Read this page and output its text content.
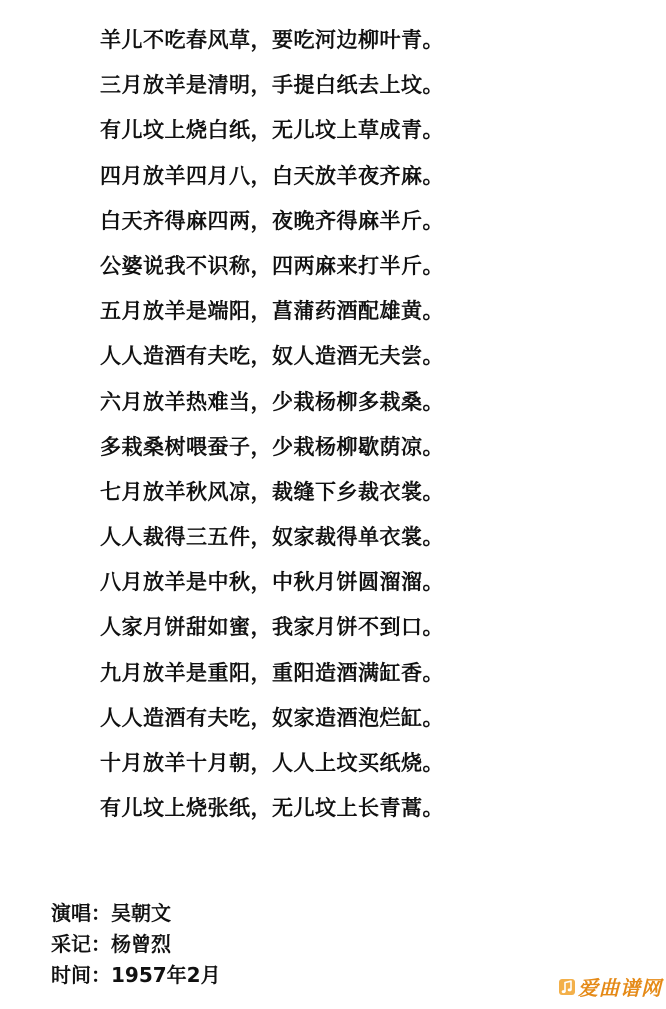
羊儿不吃春风草，要吃河边柳叶青。
三月放羊是清明，手提白纸去上坟。
有儿坟上烧白纸，无儿坟上草成青。
四月放羊四月八，白天放羊夜齐麻。
白天齐得麻四两，夜晚齐得麻半斤。
公婆说我不识称，四两麻来打半斤。
五月放羊是端阳，菖蒲药酒配雄黄。
人人造酒有夫吃，奴人造酒无夫尝。
六月放羊热难当，少栽杨柳多栽桑。
多栽桑树喂蚕子，少栽杨柳歇荫凉。
七月放羊秋风凉，裁缝下乡裁衣裳。
人人裁得三五件，奴家裁得单衣裳。
八月放羊是中秋，中秋月饼圆溜溜。
人家月饼甜如蜜，我家月饼不到口。
九月放羊是重阳，重阳造酒满缸香。
人人造酒有夫吃，奴家造酒泡烂缸。
十月放羊十月朝，人人上坟买纸烧。
有儿坟上烧张纸，无儿坟上长青蒿。
演唱：吴朝文
采记：杨曾烈
时间：1957年2月
爱曲谱网
